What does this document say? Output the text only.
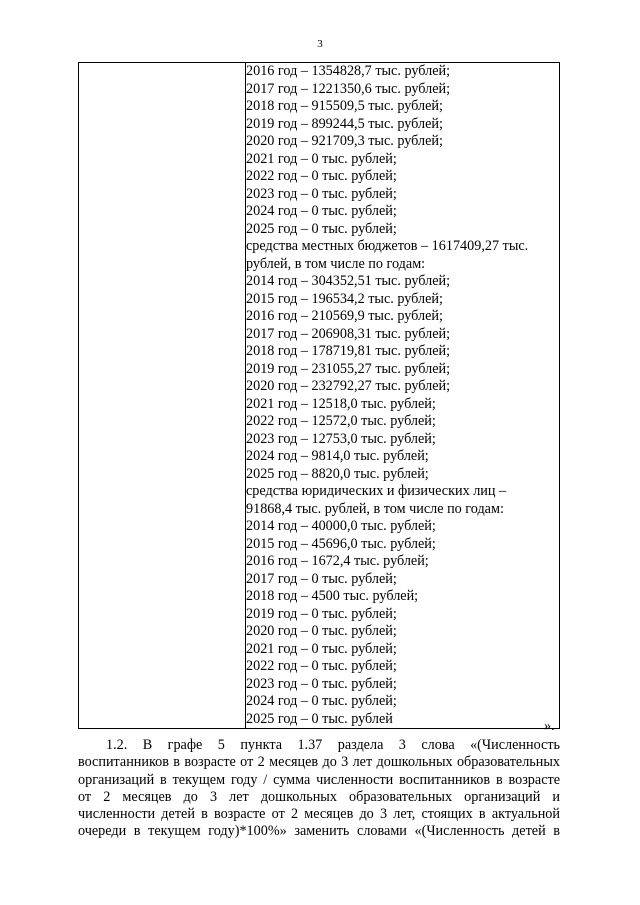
3

2016 год – 1354828,7 тыс. рублей;
2017 год – 1221350,6 тыс. рублей;
2018 год – 915509,5 тыс. рублей;
2019 год – 899244,5 тыс. рублей;
2020 год – 921709,3 тыс. рублей;
2021 год – 0 тыс. рублей;
2022 год – 0 тыс. рублей;
2023 год – 0 тыс. рублей;
2024 год – 0 тыс. рублей;
2025 год – 0 тыс. рублей;
средства местных бюджетов – 1617409,27 тыс.
рублей, в том числе по годам:
2014 год – 304352,51 тыс. рублей;
2015 год – 196534,2 тыс. рублей;
2016 год – 210569,9 тыс. рублей;
2017 год – 206908,31 тыс. рублей;
2018 год – 178719,81 тыс. рублей;
2019 год – 231055,27 тыс. рублей;
2020 год – 232792,27 тыс. рублей;
2021 год – 12518,0 тыс. рублей;
2022 год – 12572,0 тыс. рублей;
2023 год – 12753,0 тыс. рублей;
2024 год – 9814,0 тыс. рублей;
2025 год – 8820,0 тыс. рублей;
средства юридических и физических лиц –
91868,4 тыс. рублей, в том числе по годам:
2014 год – 40000,0 тыс. рублей;
2015 год – 45696,0 тыс. рублей;
2016 год – 1672,4 тыс. рублей;
2017 год – 0 тыс. рублей;
2018 год – 4500 тыс. рублей;
2019 год – 0 тыс. рублей;
2020 год – 0 тыс. рублей;
2021 год – 0 тыс. рублей;
2022 год – 0 тыс. рублей;
2023 год – 0 тыс. рублей;
2024 год – 0 тыс. рублей;
2025 год – 0 тыс. рублей	».
1.2. В графе 5 пункта 1.37 раздела 3 слова «(Численность
воспитанников в возрасте от 2 месяцев до 3 лет дошкольных образовательных
организаций в текущем году / сумма численности воспитанников в возрасте
от 2 месяцев до 3 лет дошкольных образовательных организаций и
численности детей в возрасте от 2 месяцев до 3 лет, стоящих в актуальной
очереди в текущем году)*100%» заменить словами «(Численность детей в
